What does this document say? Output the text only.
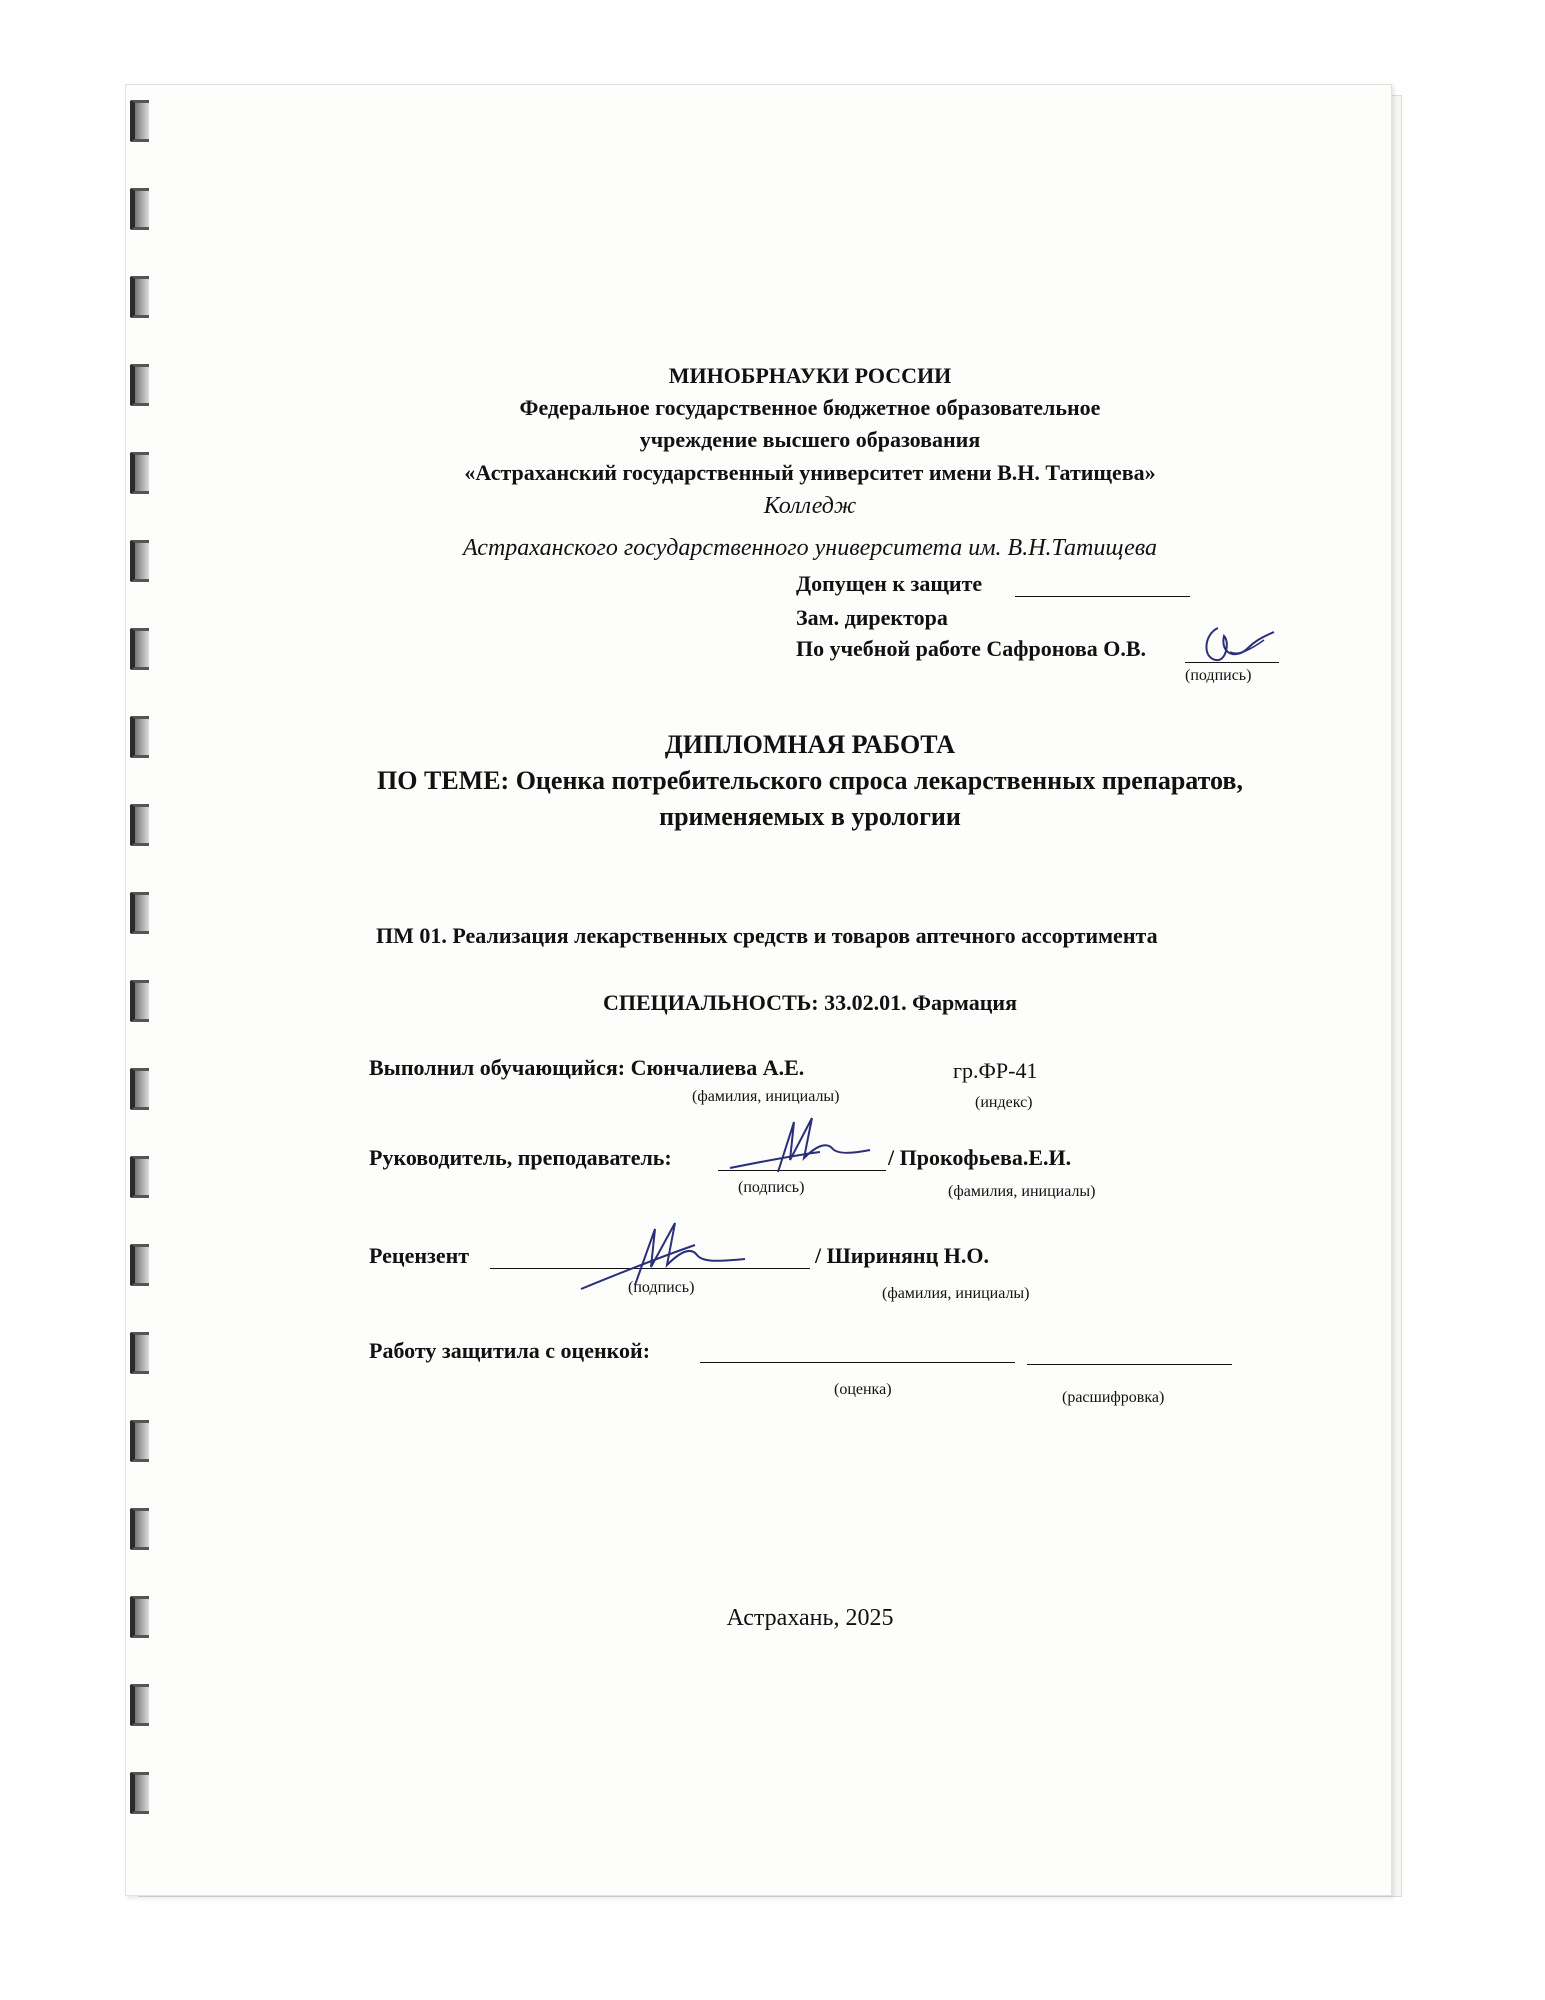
МИНОБРНАУКИ РОССИИ
Федеральное государственное бюджетное образовательное
учреждение высшего образования
«Астраханский государственный университет имени В.Н. Татищева»
Колледж
Астраханского государственного университета им. В.Н.Татищева
Допущен к защите
Зам. директора
По учебной работе Сафронова О.В.
(подпись)
ДИПЛОМНАЯ РАБОТА
ПО ТЕМЕ: Оценка потребительского спроса лекарственных препаратов,
применяемых в урологии
ПМ 01. Реализация лекарственных средств и товаров аптечного ассортимента
СПЕЦИАЛЬНОСТЬ: 33.02.01. Фармация
Выполнил обучающийся: Сюнчалиева А.Е.	гр.ФР-41
(фамилия, инициалы)	(индекс)
Руководитель, преподаватель:	/ Прокофьева.Е.И.
(подпись)	(фамилия, инициалы)
Рецензент	/ Ширинянц Н.О.
(подпись)	(фамилия, инициалы)
Работу защитила с оценкой:
(оценка)	(расшифровка)
Астрахань, 2025
